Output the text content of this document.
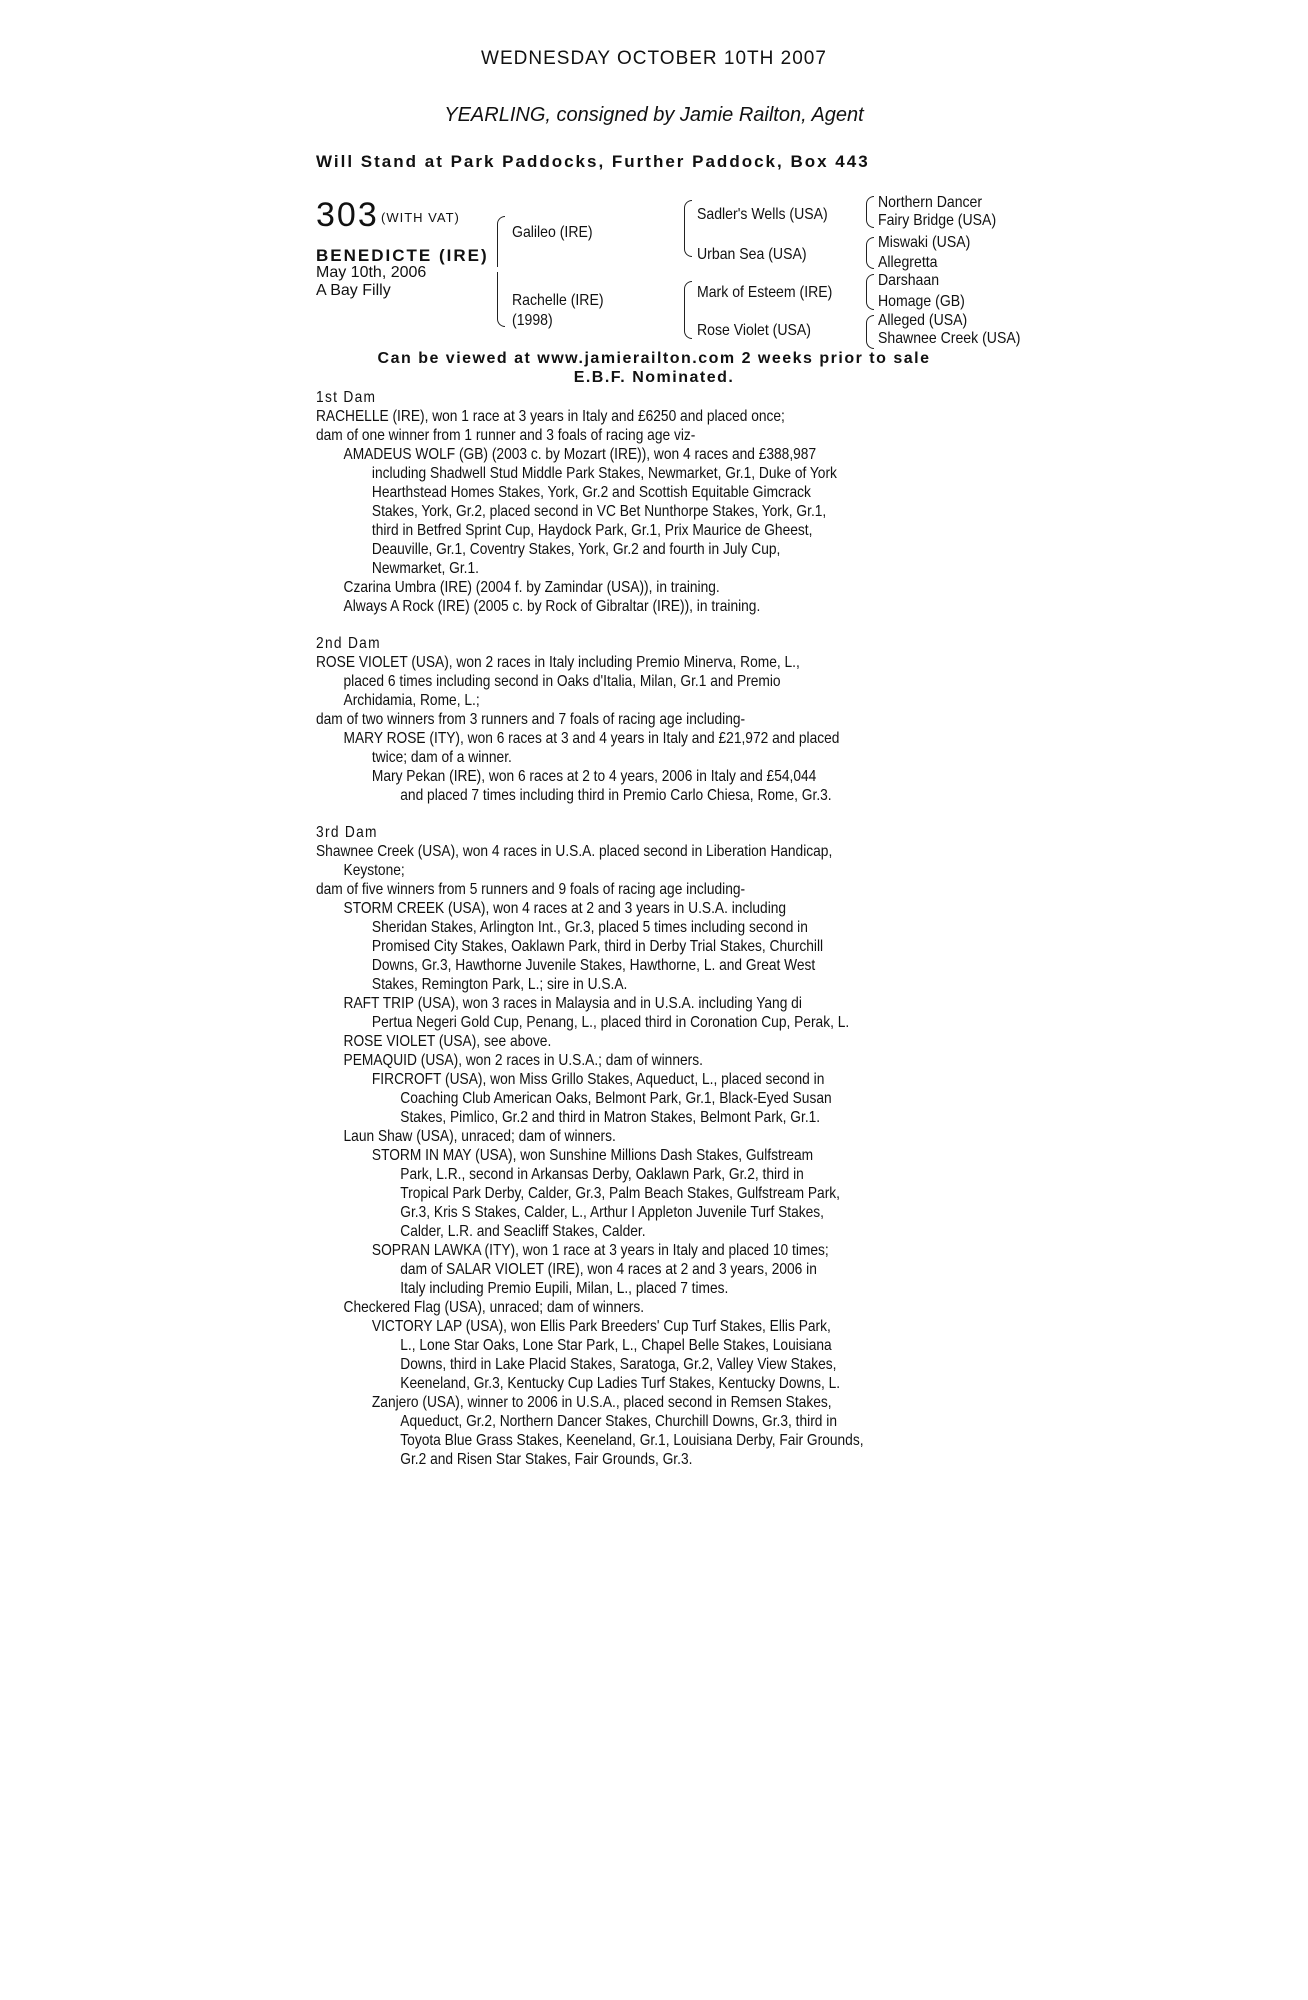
WEDNESDAY OCTOBER 10TH 2007
YEARLING, consigned by Jamie Railton, Agent
Will Stand at Park Paddocks, Further Paddock, Box 443
303 (WITH VAT)
BENEDICTE (IRE)
May 10th, 2006
A Bay Filly
Galileo (IRE)
Rachelle (IRE)
(1998)
Sadler's Wells (USA)
Urban Sea (USA)
Mark of Esteem (IRE)
Rose Violet (USA)
Northern Dancer
Fairy Bridge (USA)
Miswaki (USA)
Allegretta
Darshaan
Homage (GB)
Alleged (USA)
Shawnee Creek (USA)
Can be viewed at www.jamierailton.com 2 weeks prior to sale
E.B.F. Nominated.

1st Dam

RACHELLE (IRE), won 1 race at 3 years in Italy and £6250 and placed once;

dam of one winner from 1 runner and 3 foals of racing age viz-

AMADEUS WOLF (GB) (2003 c. by Mozart (IRE)), won 4 races and £388,987

including Shadwell Stud Middle Park Stakes, Newmarket, Gr.1, Duke of York

Hearthstead Homes Stakes, York, Gr.2 and Scottish Equitable Gimcrack

Stakes, York, Gr.2, placed second in VC Bet Nunthorpe Stakes, York, Gr.1,

third in Betfred Sprint Cup, Haydock Park, Gr.1, Prix Maurice de Gheest,

Deauville, Gr.1, Coventry Stakes, York, Gr.2 and fourth in July Cup,

Newmarket, Gr.1.

Czarina Umbra (IRE) (2004 f. by Zamindar (USA)), in training.

Always A Rock (IRE) (2005 c. by Rock of Gibraltar (IRE)), in training.

2nd Dam

ROSE VIOLET (USA), won 2 races in Italy including Premio Minerva, Rome, L.,

placed 6 times including second in Oaks d'Italia, Milan, Gr.1 and Premio

Archidamia, Rome, L.;

dam of two winners from 3 runners and 7 foals of racing age including-

MARY ROSE (ITY), won 6 races at 3 and 4 years in Italy and £21,972 and placed

twice; dam of a winner.

Mary Pekan (IRE), won 6 races at 2 to 4 years, 2006 in Italy and £54,044

and placed 7 times including third in Premio Carlo Chiesa, Rome, Gr.3.

3rd Dam

Shawnee Creek (USA), won 4 races in U.S.A. placed second in Liberation Handicap,

Keystone;

dam of five winners from 5 runners and 9 foals of racing age including-

STORM CREEK (USA), won 4 races at 2 and 3 years in U.S.A. including

Sheridan Stakes, Arlington Int., Gr.3, placed 5 times including second in

Promised City Stakes, Oaklawn Park, third in Derby Trial Stakes, Churchill

Downs, Gr.3, Hawthorne Juvenile Stakes, Hawthorne, L. and Great West

Stakes, Remington Park, L.; sire in U.S.A.

RAFT TRIP (USA), won 3 races in Malaysia and in U.S.A. including Yang di

Pertua Negeri Gold Cup, Penang, L., placed third in Coronation Cup, Perak, L.

ROSE VIOLET (USA), see above.

PEMAQUID (USA), won 2 races in U.S.A.; dam of winners.

FIRCROFT (USA), won Miss Grillo Stakes, Aqueduct, L., placed second in

Coaching Club American Oaks, Belmont Park, Gr.1, Black-Eyed Susan

Stakes, Pimlico, Gr.2 and third in Matron Stakes, Belmont Park, Gr.1.

Laun Shaw (USA), unraced; dam of winners.

STORM IN MAY (USA), won Sunshine Millions Dash Stakes, Gulfstream

Park, L.R., second in Arkansas Derby, Oaklawn Park, Gr.2, third in

Tropical Park Derby, Calder, Gr.3, Palm Beach Stakes, Gulfstream Park,

Gr.3, Kris S Stakes, Calder, L., Arthur I Appleton Juvenile Turf Stakes,

Calder, L.R. and Seacliff Stakes, Calder.

SOPRAN LAWKA (ITY), won 1 race at 3 years in Italy and placed 10 times;

dam of SALAR VIOLET (IRE), won 4 races at 2 and 3 years, 2006 in

Italy including Premio Eupili, Milan, L., placed 7 times.

Checkered Flag (USA), unraced; dam of winners.

VICTORY LAP (USA), won Ellis Park Breeders' Cup Turf Stakes, Ellis Park,

L., Lone Star Oaks, Lone Star Park, L., Chapel Belle Stakes, Louisiana

Downs, third in Lake Placid Stakes, Saratoga, Gr.2, Valley View Stakes,

Keeneland, Gr.3, Kentucky Cup Ladies Turf Stakes, Kentucky Downs, L.

Zanjero (USA), winner to 2006 in U.S.A., placed second in Remsen Stakes,

Aqueduct, Gr.2, Northern Dancer Stakes, Churchill Downs, Gr.3, third in

Toyota Blue Grass Stakes, Keeneland, Gr.1, Louisiana Derby, Fair Grounds,

Gr.2 and Risen Star Stakes, Fair Grounds, Gr.3.
